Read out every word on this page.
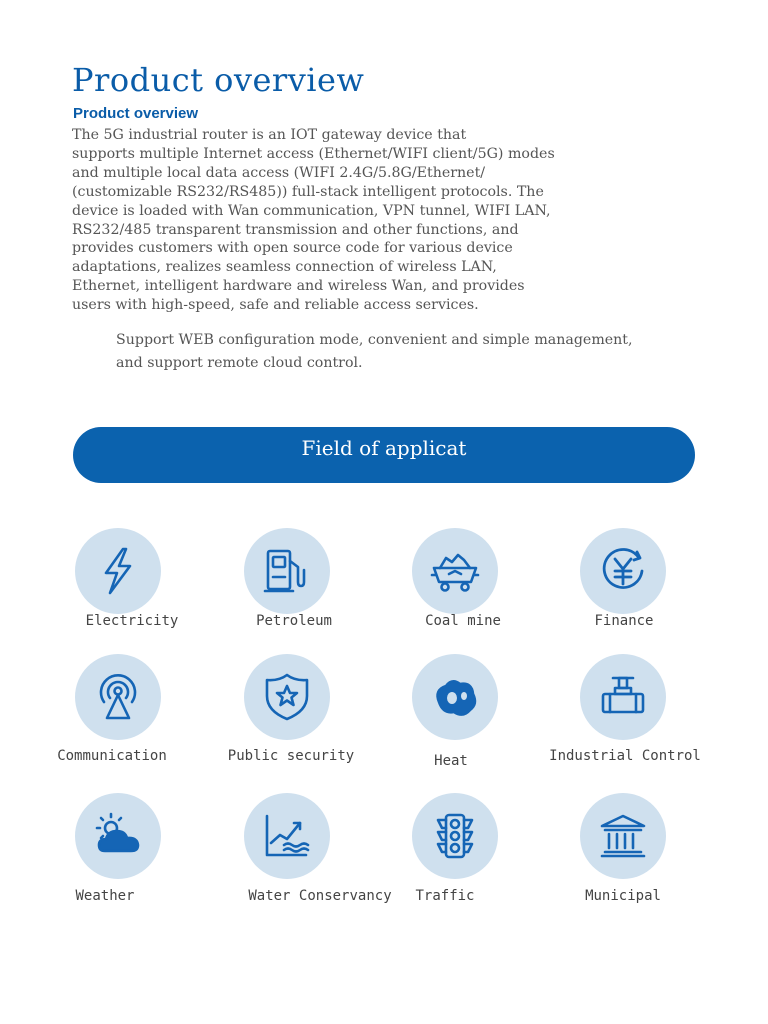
Product overview
Product overview
The 5G industrial router is an IOT gateway device that
supports multiple Internet access (Ethernet/WIFI client/5G) modes
and multiple local data access (WIFI 2.4G/5.8G/Ethernet/
(customizable RS232/RS485)) full-stack intelligent protocols. The
device is loaded with Wan communication, VPN tunnel, WIFI LAN,
RS232/485 transparent transmission and other functions, and
provides customers with open source code for various device
adaptations, realizes seamless connection of wireless LAN,
Ethernet, intelligent hardware and wireless Wan, and provides
users with high-speed, safe and reliable access services.
Support WEB configuration mode, convenient and simple management,
and support remote cloud control.
Field of applicat
Electricity	Petroleum	Coal mine	Finance
Communication	Public security	Heat	Industrial Control
Weather	Water Conservancy	Traffic	Municipal
